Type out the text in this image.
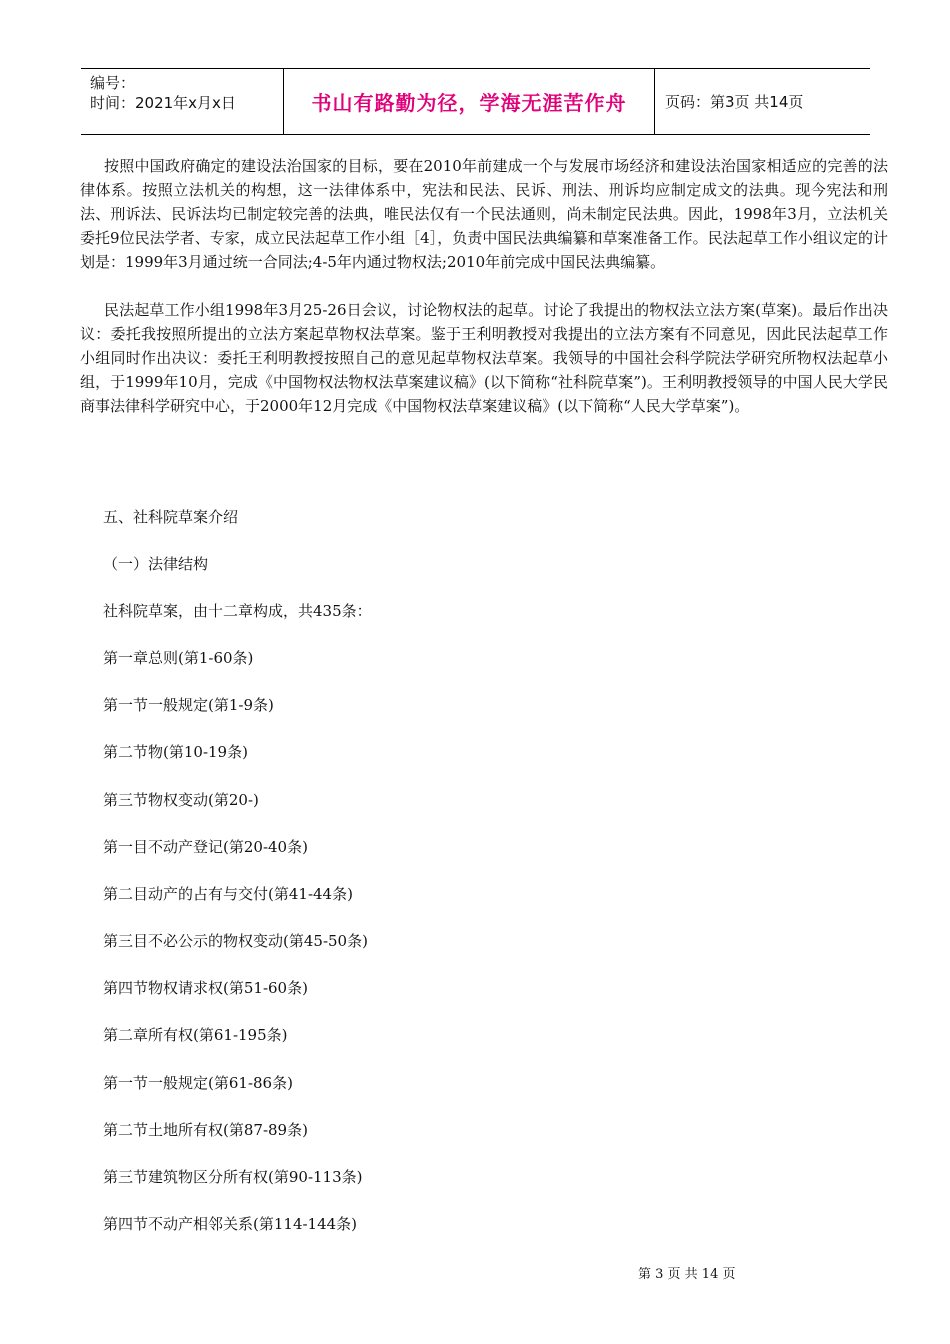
编号：
时间：2021年x月x日	书山有路勤为径，学海无涯苦作舟	页码：第3页 共14页

按照中国政府确定的建设法治国家的目标，要在2010年前建成一个与发展市场经济和建设法治国家相适应的完善的法律体系。按照立法机关的构想，这一法律体系中，宪法和民法、民诉、刑法、刑诉均应制定成文的法典。现今宪法和刑法、刑诉法、民诉法均已制定较完善的法典，唯民法仅有一个民法通则，尚未制定民法典。因此，1998年3月，立法机关委托9位民法学者、专家，成立民法起草工作小组［4］，负责中国民法典编纂和草案准备工作。民法起草工作小组议定的计划是：1999年3月通过统一合同法;4-5年内通过物权法;2010年前完成中国民法典编纂。

民法起草工作小组1998年3月25-26日会议，讨论物权法的起草。讨论了我提出的物权法立法方案(草案)。最后作出决议：委托我按照所提出的立法方案起草物权法草案。鉴于王利明教授对我提出的立法方案有不同意见，因此民法起草工作小组同时作出决议：委托王利明教授按照自己的意见起草物权法草案。我领导的中国社会科学院法学研究所物权法起草小组，于1999年10月，完成《中国物权法物权法草案建议稿》(以下简称“社科院草案”)。王利明教授领导的中国人民大学民商事法律科学研究中心，于2000年12月完成《中国物权法草案建议稿》(以下简称“人民大学草案”)。

五、社科院草案介绍
（一）法律结构
社科院草案，由十二章构成，共435条：
第一章总则(第1-60条)
第一节一般规定(第1-9条)
第二节物(第10-19条)
第三节物权变动(第20-)
第一目不动产登记(第20-40条)
第二目动产的占有与交付(第41-44条)
第三目不必公示的物权变动(第45-50条)
第四节物权请求权(第51-60条)
第二章所有权(第61-195条)
第一节一般规定(第61-86条)
第二节土地所有权(第87-89条)
第三节建筑物区分所有权(第90-113条)
第四节不动产相邻关系(第114-144条)
第 3 页 共 14 页
